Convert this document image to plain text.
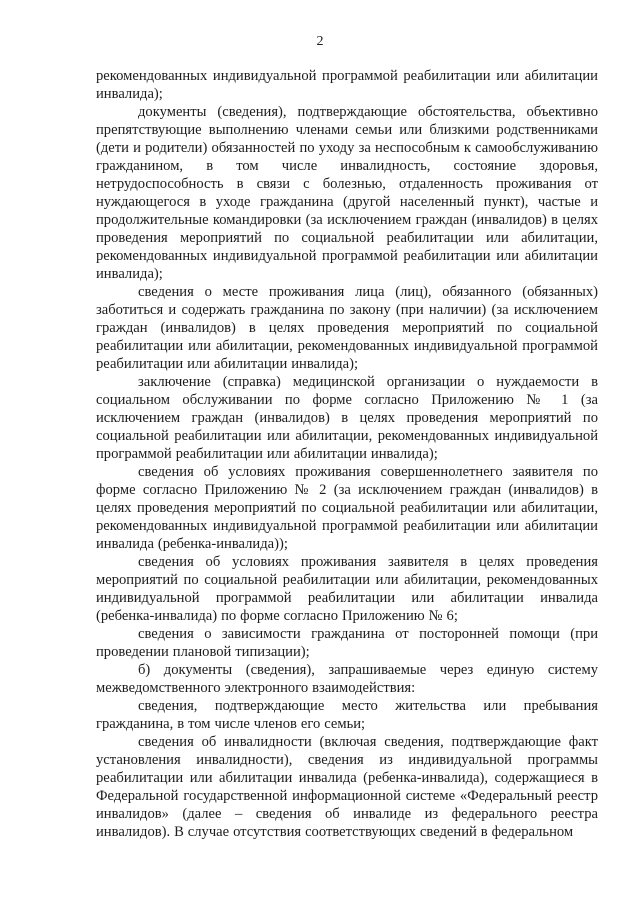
2

рекомендованных индивидуальной программой реабилитации или абилитации инвалида);

документы (сведения), подтверждающие обстоятельства, объективно препятствующие выполнению членами семьи или близкими родственниками (дети и родители) обязанностей по уходу за неспособным к самообслуживанию гражданином, в том числе инвалидность, состояние здоровья, нетрудоспособность в связи с болезнью, отдаленность проживания от нуждающегося в уходе гражданина (другой населенный пункт), частые и продолжительные командировки (за исключением граждан (инвалидов) в целях проведения мероприятий по социальной реабилитации или абилитации, рекомендованных индивидуальной программой реабилитации или абилитации инвалида);

сведения о месте проживания лица (лиц), обязанного (обязанных) заботиться и содержать гражданина по закону (при наличии) (за исключением граждан (инвалидов) в целях проведения мероприятий по социальной реабилитации или абилитации, рекомендованных индивидуальной программой реабилитации или абилитации инвалида);

заключение (справка) медицинской организации о нуждаемости в социальном обслуживании по форме согласно Приложению № 1 (за исключением граждан (инвалидов) в целях проведения мероприятий по социальной реабилитации или абилитации, рекомендованных индивидуальной программой реабилитации или абилитации инвалида);

сведения об условиях проживания совершеннолетнего заявителя по форме согласно Приложению № 2 (за исключением граждан (инвалидов) в целях проведения мероприятий по социальной реабилитации или абилитации, рекомендованных индивидуальной программой реабилитации или абилитации инвалида (ребенка-инвалида));

сведения об условиях проживания заявителя в целях проведения мероприятий по социальной реабилитации или абилитации, рекомендованных индивидуальной программой реабилитации или абилитации инвалида (ребенка-инвалида) по форме согласно Приложению № 6;

сведения о зависимости гражданина от посторонней помощи (при проведении плановой типизации);

б) документы (сведения), запрашиваемые через единую систему межведомственного электронного взаимодействия:

сведения, подтверждающие место жительства или пребывания гражданина, в том числе членов его семьи;

сведения об инвалидности (включая сведения, подтверждающие факт установления инвалидности), сведения из индивидуальной программы реабилитации или абилитации инвалида (ребенка-инвалида), содержащиеся в Федеральной государственной информационной системе «Федеральный реестр инвалидов» (далее – сведения об инвалиде из федерального реестра инвалидов). В случае отсутствия соответствующих сведений в федеральном
